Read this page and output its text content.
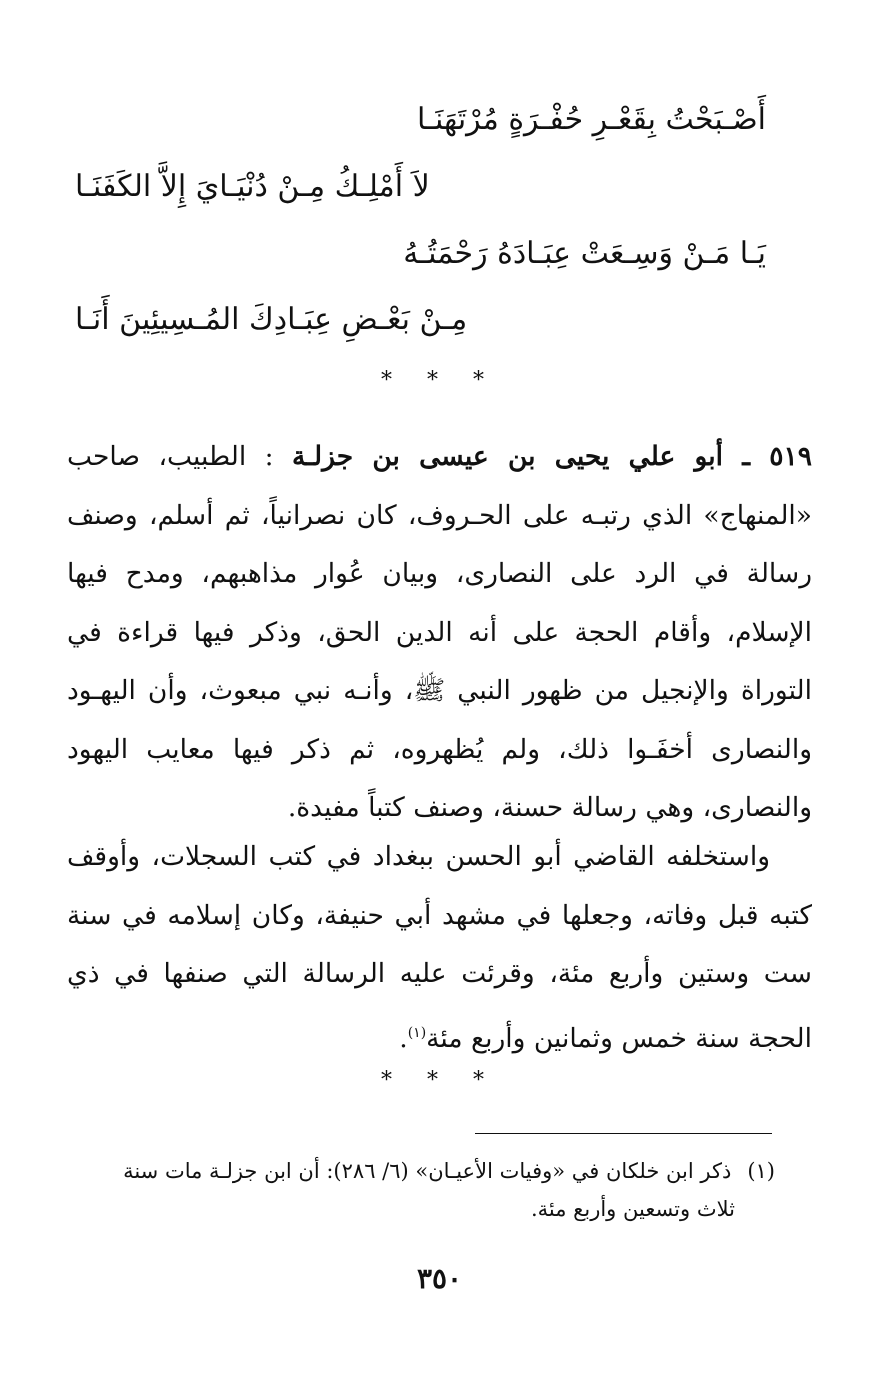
أَصْـبَحْتُ بِقَعْـرِ حُفْـرَةٍ مُرْتَهَنَـا
لاَ أَمْلِـكُ مِـنْ دُنْيَـايَ إِلاَّ الكَفَنَـا
يَـا مَـنْ وَسِـعَتْ عِبَـادَهُ رَحْمَتُـهُ
مِـنْ بَعْـضِ عِبَـادِكَ المُـسِيئِينَ أَنَـا
* * *
٥١٩ ـ أبو علي يحيى بن عيسى بن جزلـة : الطبيب، صاحب «المنهاج» الذي رتبـه على الحـروف، كان نصرانياً، ثم أسلم، وصنف رسالة في الرد على النصارى، وبيان عُوار مذاهبهم، ومدح فيها الإسلام، وأقام الحجة على أنه الدين الحق، وذكر فيها قراءة في التوراة والإنجيل من ظهور النبي ﷺ، وأنـه نبي مبعوث، وأن اليهـود والنصارى أخفَـوا ذلك، ولم يُظهروه، ثم ذكر فيها معايب اليهود والنصارى، وهي رسالة حسنة، وصنف كتباً مفيدة.
واستخلفه القاضي أبو الحسن ببغداد في كتب السجلات، وأوقف كتبه قبل وفاته، وجعلها في مشهد أبي حنيفة، وكان إسلامه في سنة ست وستين وأربع مئة، وقرئت عليه الرسالة التي صنفها في ذي الحجة سنة خمس وثمانين وأربع مئة$^{(١)}$.
* * *
(١)ذكر ابن خلكان في «وفيات الأعيـان» (٦/ ٢٨٦): أن ابن جزلـة مات سنة
ثلاث وتسعين وأربع مئة.
٣٥٠
